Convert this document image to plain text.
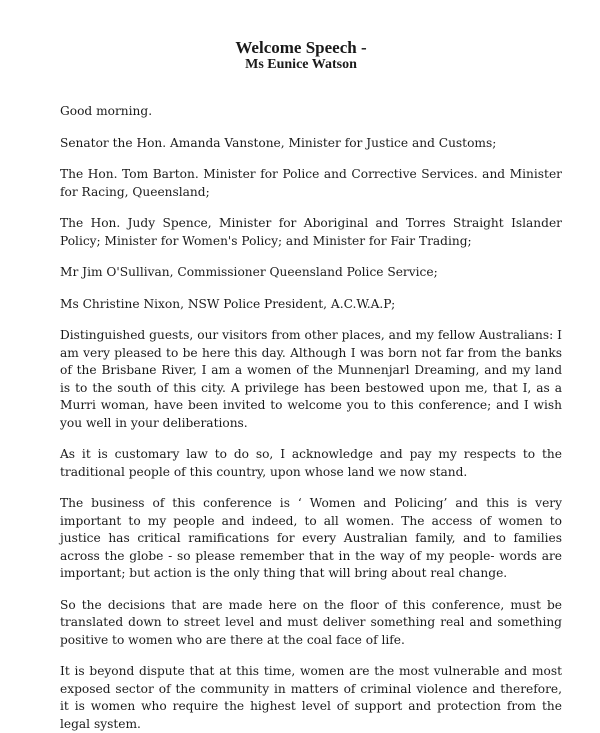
Welcome Speech -
Ms Eunice Watson

Good morning.

Senator the Hon. Amanda Vanstone, Minister for Justice and Customs;

The Hon. Tom Barton. Minister for Police and Corrective Services. and Minister for Racing, Queensland;

The Hon. Judy Spence, Minister for Aboriginal and Torres Straight Islander Policy; Minister for Women's Policy; and Minister for Fair Trading;

Mr Jim O'Sullivan, Commissioner Queensland Police Service;

Ms Christine Nixon, NSW Police President, A.C.W.A.P;

Distinguished guests, our visitors from other places, and my fellow Australians: I am very pleased to be here this day. Although I was born not far from the banks of the Brisbane River, I am a women of the Munnenjarl Dreaming, and my land is to the south of this city. A privilege has been bestowed upon me, that I, as a Murri woman, have been invited to welcome you to this conference; and I wish you well in your deliberations.

As it is customary law to do so, I acknowledge and pay my respects to the traditional people of this country, upon whose land we now stand.

The business of this conference is ‘ Women and Policing’ and this is very important to my people and indeed, to all women. The access of women to justice has critical ramifications for every Australian family, and to families across the globe - so please remember that in the way of my people- words are important; but action is the only thing that will bring about real change.

So the decisions that are made here on the floor of this conference, must be translated down to street level and must deliver something real and something positive to women who are there at the coal face of life.

It is beyond dispute that at this time, women are the most vulnerable and most exposed sector of the community in matters of criminal violence and therefore, it is women who require the highest level of support and protection from the legal system.
